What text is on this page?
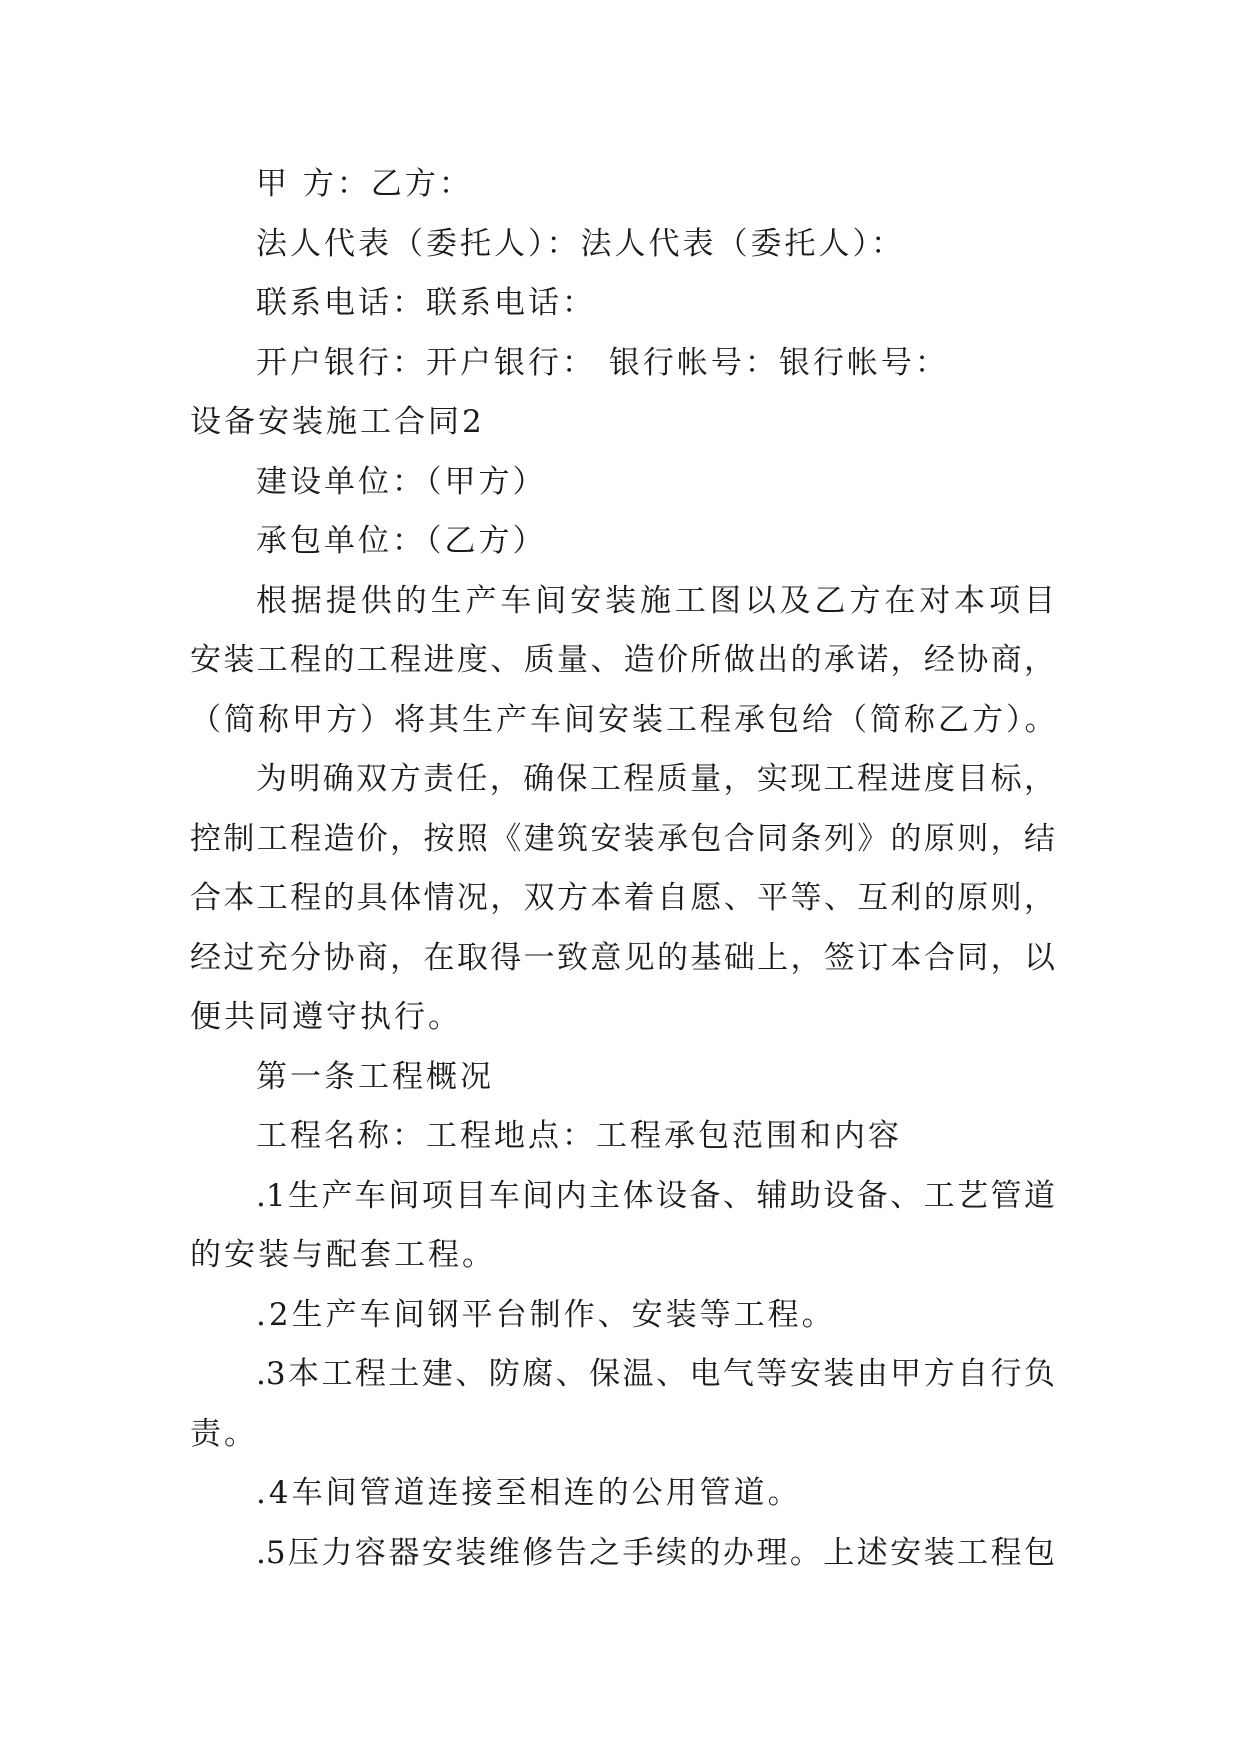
甲 方：乙方：
法人代表（委托人）：法人代表（委托人）：
联系电话：联系电话：
开户银行：开户银行： 银行帐号：银行帐号：
设备安装施工合同2
建设单位：（甲方）
承包单位：（乙方）
根据提供的生产车间安装施工图以及乙方在对本项目
安装工程的工程进度、质量、造价所做出的承诺，经协商，
（简称甲方）将其生产车间安装工程承包给（简称乙方）。
为明确双方责任，确保工程质量，实现工程进度目标，
控制工程造价，按照《建筑安装承包合同条列》的原则，结
合本工程的具体情况，双方本着自愿、平等、互利的原则，
经过充分协商，在取得一致意见的基础上，签订本合同，以
便共同遵守执行。
第一条工程概况
工程名称：工程地点：工程承包范围和内容
.1生产车间项目车间内主体设备、辅助设备、工艺管道
的安装与配套工程。
.2生产车间钢平台制作、安装等工程。
.3本工程土建、防腐、保温、电气等安装由甲方自行负
责。
.4车间管道连接至相连的公用管道。
.5压力容器安装维修告之手续的办理。上述安装工程包
